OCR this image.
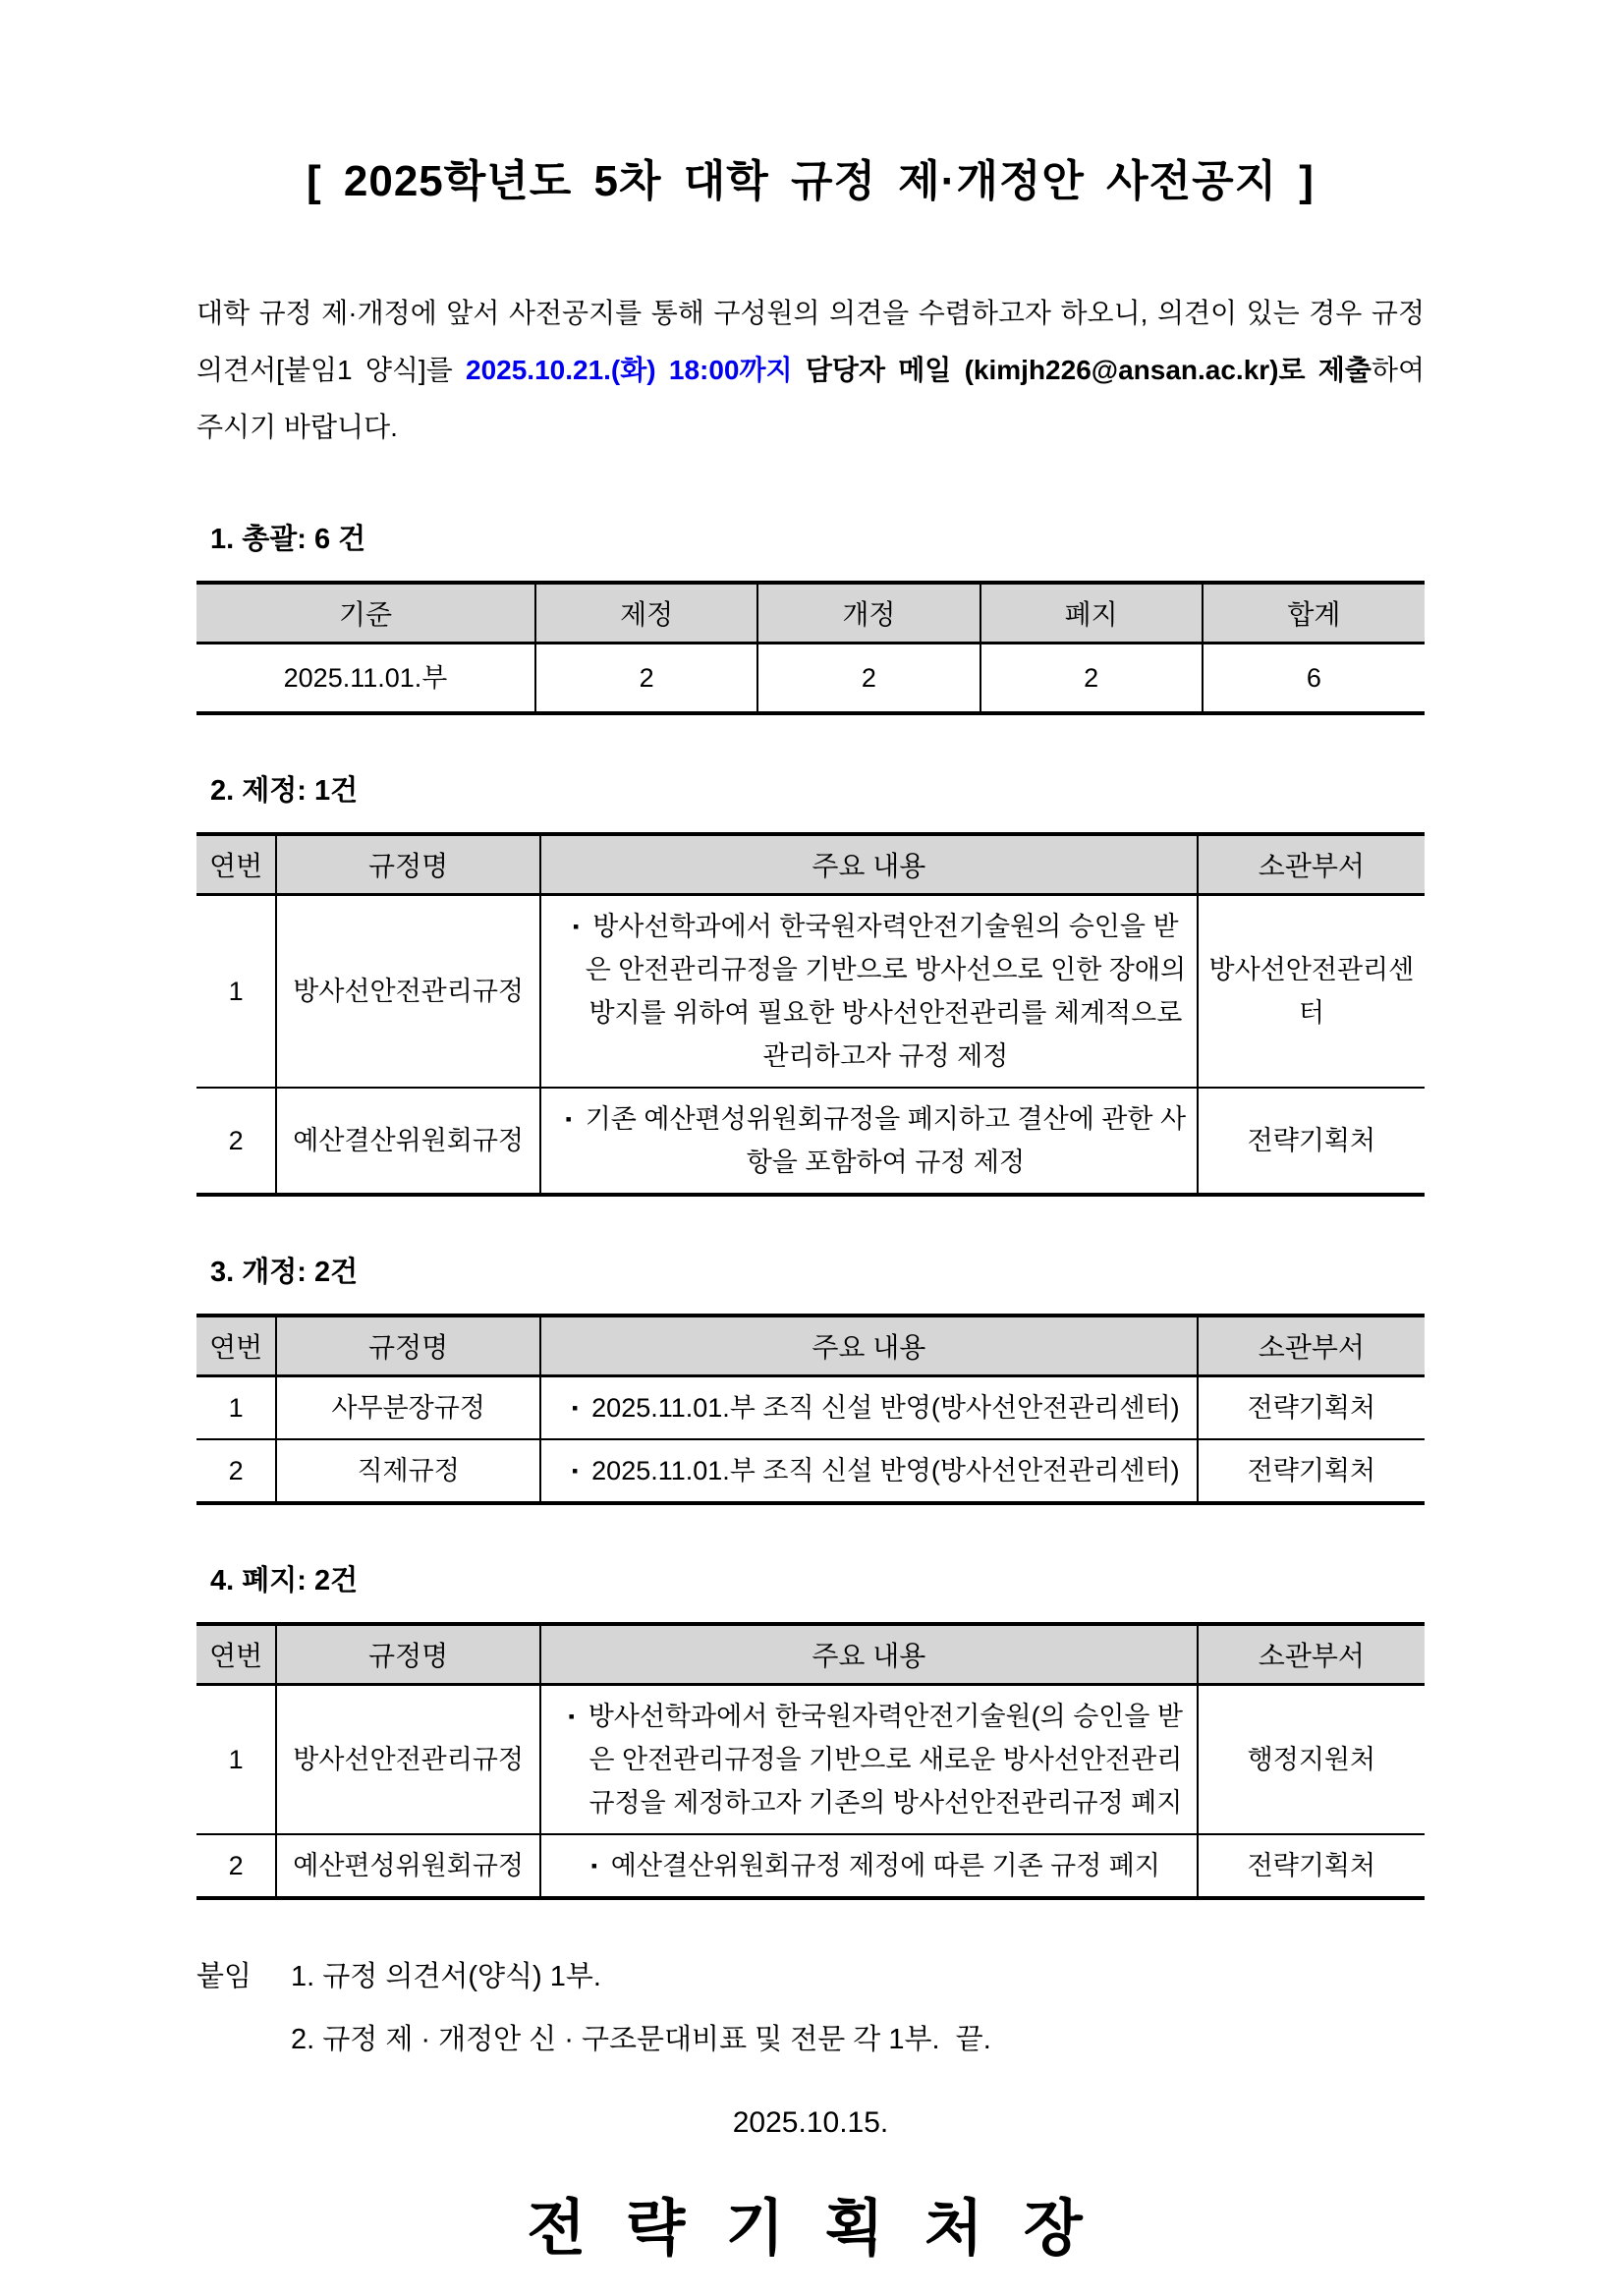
[ 2025학년도 5차 대학 규정 제·개정안 사전공지 ]

대학 규정 제·개정에 앞서 사전공지를 통해 구성원의 의견을 수렴하고자 하오니, 의견이 있는 경우 규정 의견서[붙임1 양식]를 2025.10.21.(화) 18:00까지 담당자 메일 (kimjh226@ansan.ac.kr)로 제출하여 주시기 바랍니다.

1. 총괄: 6 건
기준	제정	개정	폐지	합계
2025.11.01.부	2	2	2	6
2. 제정: 1건
연번	규정명	주요 내용	소관부서
1	방사선안전관리규정	▪ 방사선학과에서 한국원자력안전기술원의 승인을 받은 안전관리규정을 기반으로 방사선으로 인한 장애의 방지를 위하여 필요한 방사선안전관리를 체계적으로 관리하고자 규정 제정	방사선안전관리센터
2	예산결산위원회규정	▪ 기존 예산편성위원회규정을 폐지하고 결산에 관한 사항을 포함하여 규정 제정	전략기획처
3. 개정: 2건
연번	규정명	주요 내용	소관부서
1	사무분장규정	▪ 2025.11.01.부 조직 신설 반영(방사선안전관리센터)	전략기획처
2	직제규정	▪ 2025.11.01.부 조직 신설 반영(방사선안전관리센터)	전략기획처
4. 폐지: 2건
연번	규정명	주요 내용	소관부서
1	방사선안전관리규정	▪ 방사선학과에서 한국원자력안전기술원(의 승인을 받은 안전관리규정을 기반으로 새로운 방사선안전관리규정을 제정하고자 기존의 방사선안전관리규정 폐지	행정지원처
2	예산편성위원회규정	▪ 예산결산위원회규정 제정에 따른 기존 규정 폐지	전략기획처
붙임 1. 규정 의견서(양식) 1부.
2. 규정 제 · 개정안 신 · 구조문대비표 및 전문 각 1부.  끝.
2025.10.15.
전 략 기 획 처 장
